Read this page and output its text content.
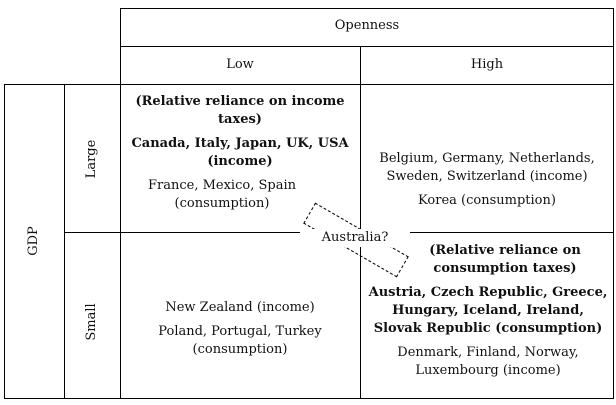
Openness
Low	High
GDP
Large
Small
(Relative reliance on income taxes)
Canada, Italy, Japan, UK, USA (income)
France, Mexico, Spain (consumption)
Belgium, Germany, Netherlands, Sweden, Switzerland (income)
Korea (consumption)
New Zealand (income)
Poland, Portugal, Turkey (consumption)
(Relative reliance on consumption taxes)
Austria, Czech Republic, Greece, Hungary, Iceland, Ireland, Slovak Republic (consumption)
Denmark, Finland, Norway, Luxembourg (income)
Australia?
